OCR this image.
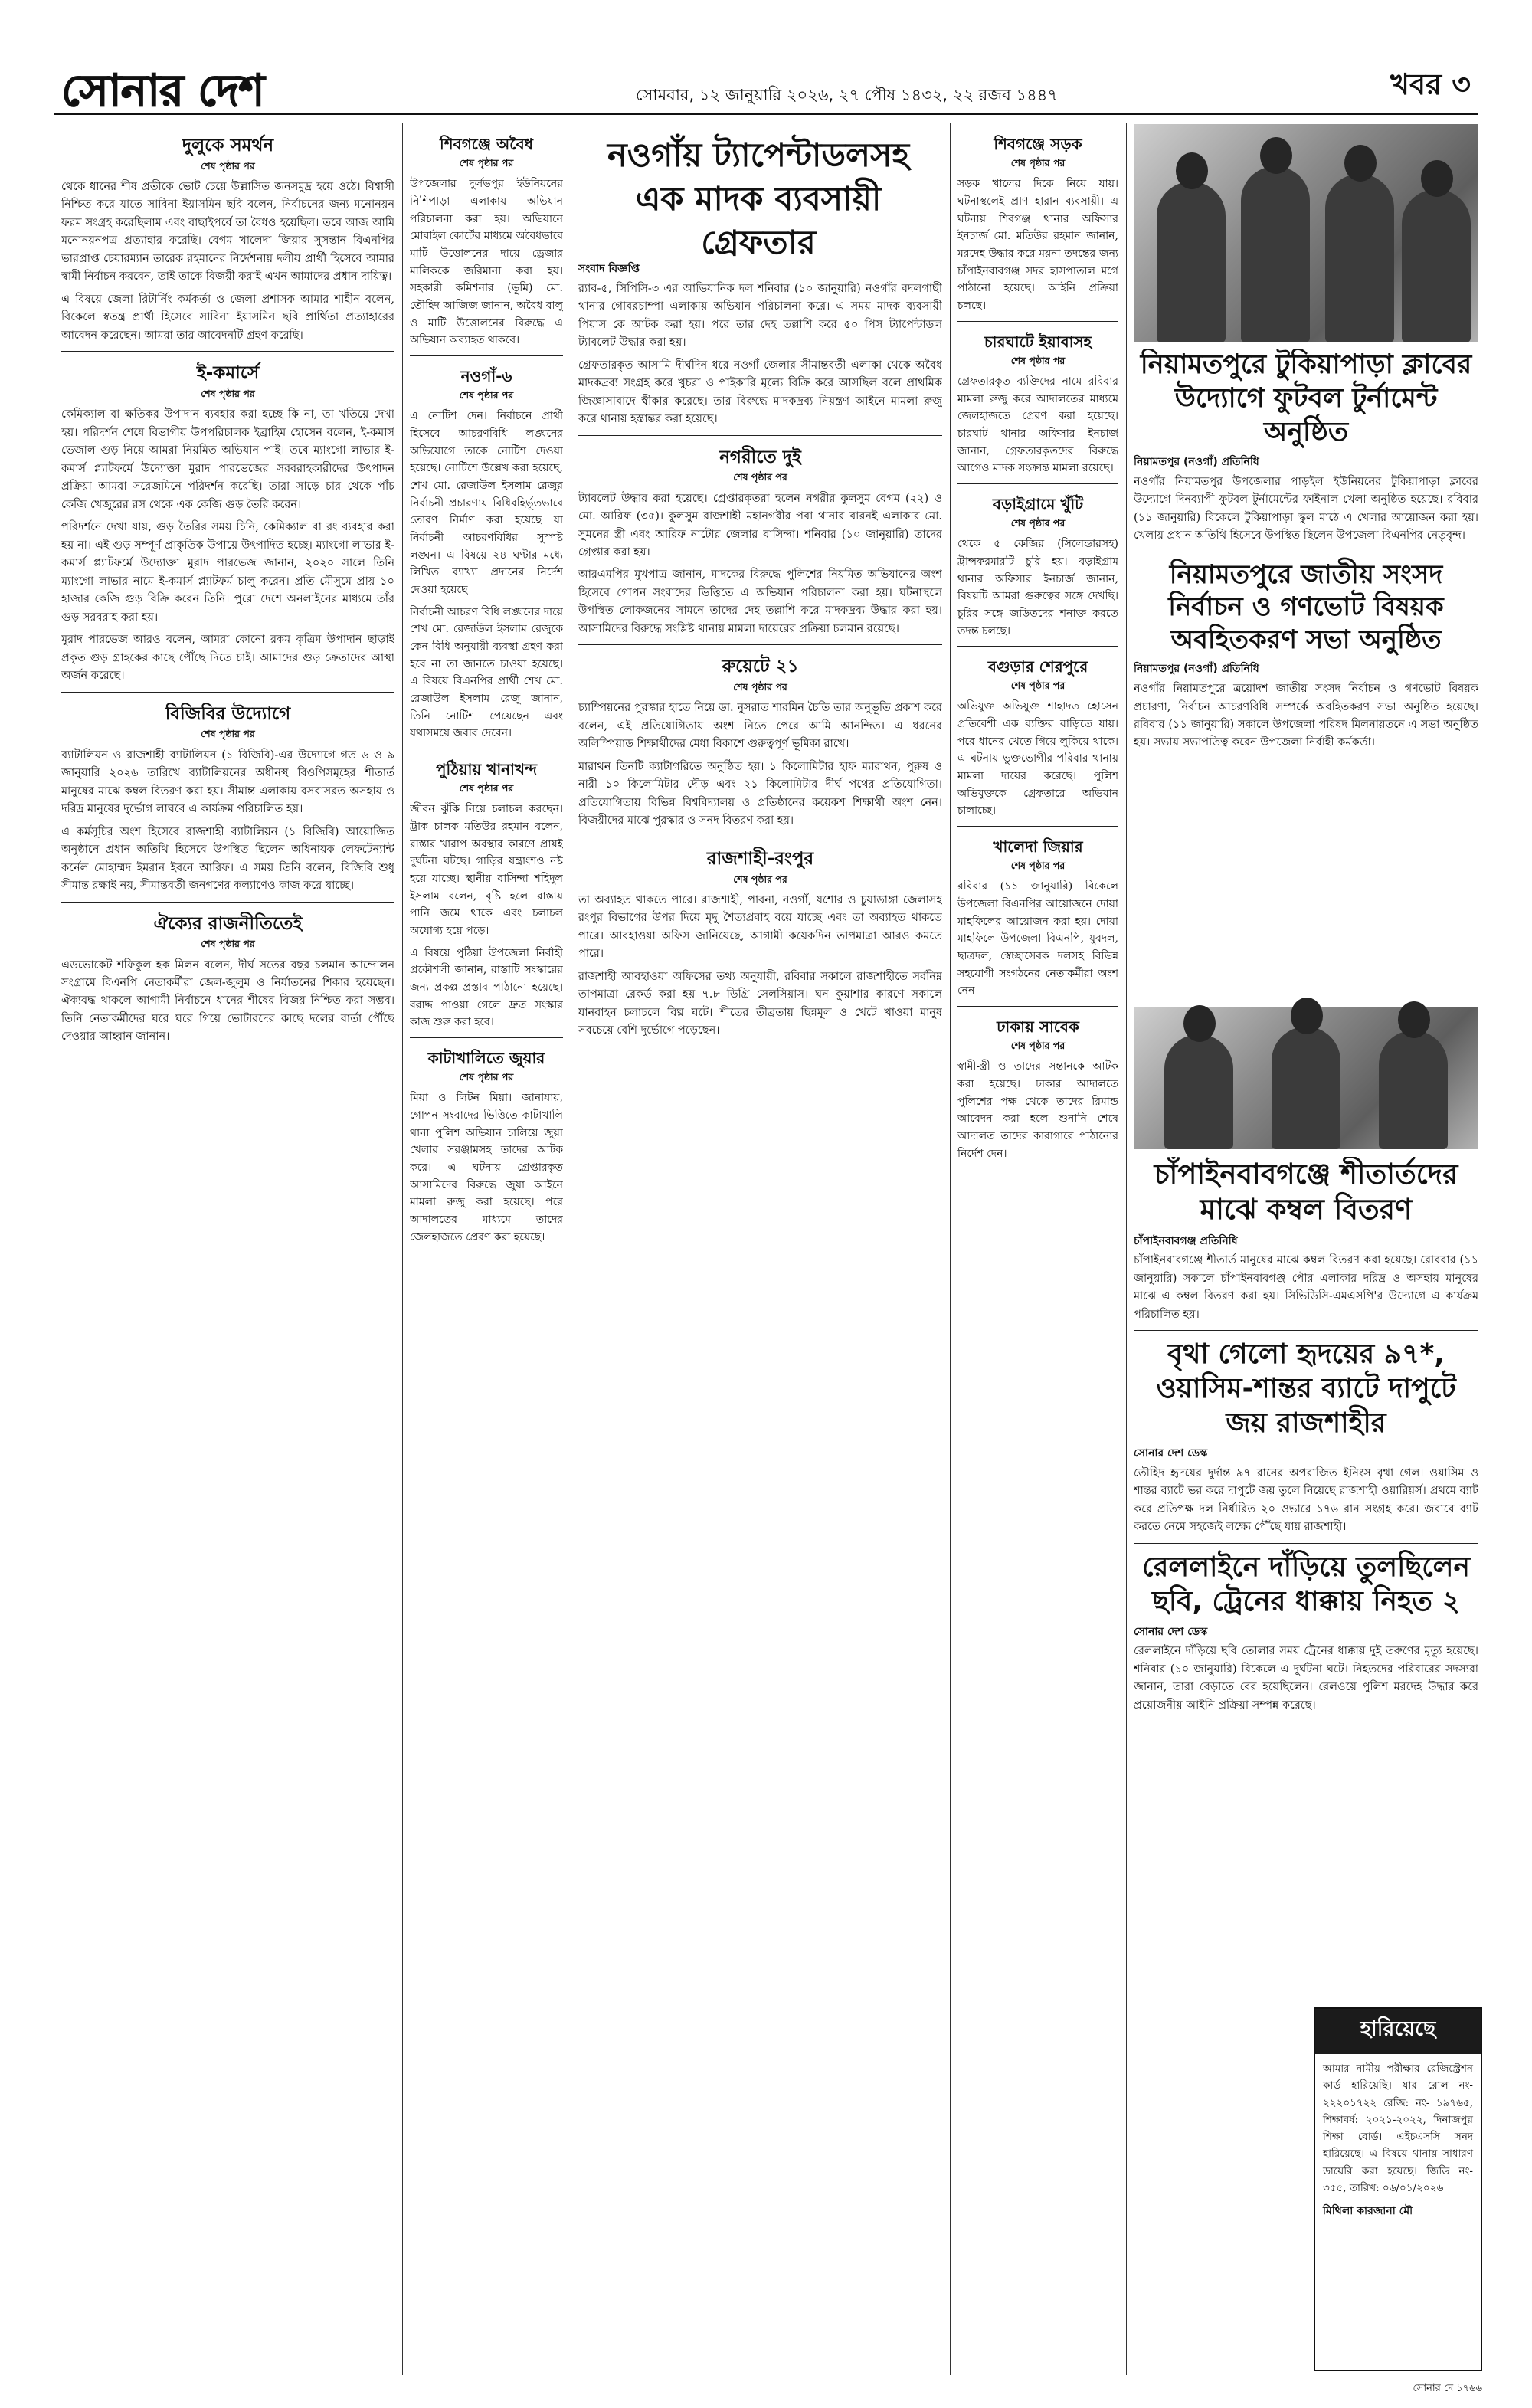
সোনার দেশ	সোমবার, ১২ জানুয়ারি ২০২৬, ২৭ পৌষ ১৪৩২, ২২ রজব ১৪৪৭	খবর ৩
দুলুকে সমর্থন
শেষ পৃষ্ঠার পর

থেকে ধানের শীষ প্রতীকে ভোট চেয়ে উল্লাসিত জনসমুদ্র হয়ে ওঠে। বিশ্বাসী নিশ্চিত করে যাতে সাবিনা ইয়াসমিন ছবি বলেন, নির্বাচনের জন্য মনোনয়ন ফরম সংগ্রহ করেছিলাম এবং বাছাইপর্বে তা বৈধও হয়েছিল। তবে আজ আমি মনোনয়নপত্র প্রত্যাহার করেছি। বেগম খালেদা জিয়ার সুসন্তান বিএনপির ভারপ্রাপ্ত চেয়ারম্যান তারেক রহমানের নির্দেশনায় দলীয় প্রার্থী হিসেবে আমার স্বামী নির্বাচন করবেন, তাই তাকে বিজয়ী করাই এখন আমাদের প্রধান দায়িত্ব।

এ বিষয়ে জেলা রিটার্নিং কর্মকর্তা ও জেলা প্রশাসক আমার শাহীন বলেন, বিকেলে স্বতন্ত্র প্রার্থী হিসেবে সাবিনা ইয়াসমিন ছবি প্রার্থিতা প্রত্যাহারের আবেদন করেছেন। আমরা তার আবেদনটি গ্রহণ করেছি।

ই-কমার্সে
শেষ পৃষ্ঠার পর

কেমিক্যাল বা ক্ষতিকর উপাদান ব্যবহার করা হচ্ছে কি না, তা খতিয়ে দেখা হয়। পরিদর্শন শেষে বিভাগীয় উপপরিচালক ইব্রাহিম হোসেন বলেন, ই-কমার্স ভেজাল গুড় নিয়ে আমরা নিয়মিত অভিযান পাই। তবে ম্যাংগো লাভার ই-কমার্স প্ল্যাটফর্মে উদ্যোক্তা মুরাদ পারভেজের সরবরাহকারীদের উৎপাদন প্রক্রিয়া আমরা সরেজমিনে পরিদর্শন করেছি। তারা সাড়ে চার থেকে পাঁচ কেজি খেজুরের রস থেকে এক কেজি গুড় তৈরি করেন।

পরিদর্শনে দেখা যায়, গুড় তৈরির সময় চিনি, কেমিক্যাল বা রং ব্যবহার করা হয় না। এই গুড় সম্পূর্ণ প্রাকৃতিক উপায়ে উৎপাদিত হচ্ছে। ম্যাংগো লাভার ই-কমার্স প্ল্যাটফর্মে উদ্যোক্তা মুরাদ পারভেজ জানান, ২০২০ সালে তিনি ম্যাংগো লাভার নামে ই-কমার্স প্ল্যাটফর্ম চালু করেন। প্রতি মৌসুমে প্রায় ১০ হাজার কেজি গুড় বিক্রি করেন তিনি। পুরো দেশে অনলাইনের মাধ্যমে তাঁর গুড় সরবরাহ করা হয়।

মুরাদ পারভেজ আরও বলেন, আমরা কোনো রকম কৃত্রিম উপাদান ছাড়াই প্রকৃত গুড় গ্রাহকের কাছে পৌঁছে দিতে চাই। আমাদের গুড় ক্রেতাদের আস্থা অর্জন করেছে।

বিজিবির উদ্যোগে
শেষ পৃষ্ঠার পর

ব্যাটালিয়ন ও রাজশাহী ব্যাটালিয়ন (১ বিজিবি)-এর উদ্যোগে গত ৬ ও ৯ জানুয়ারি ২০২৬ তারিখে ব্যাটালিয়নের অধীনস্থ বিওপিসমূহের শীতার্ত মানুষের মাঝে কম্বল বিতরণ করা হয়। সীমান্ত এলাকায় বসবাসরত অসহায় ও দরিদ্র মানুষের দুর্ভোগ লাঘবে এ কার্যক্রম পরিচালিত হয়।

এ কর্মসূচির অংশ হিসেবে রাজশাহী ব্যাটালিয়ন (১ বিজিবি) আয়োজিত অনুষ্ঠানে প্রধান অতিথি হিসেবে উপস্থিত ছিলেন অধিনায়ক লেফটেন্যান্ট কর্নেল মোহাম্মদ ইমরান ইবনে আরিফ। এ সময় তিনি বলেন, বিজিবি শুধু সীমান্ত রক্ষাই নয়, সীমান্তবর্তী জনগণের কল্যাণেও কাজ করে যাচ্ছে।

ঐক্যের রাজনীতিতেই
শেষ পৃষ্ঠার পর

এডভোকেট শফিকুল হক মিলন বলেন, দীর্ঘ সতের বছর চলমান আন্দোলন সংগ্রামে বিএনপি নেতাকর্মীরা জেল-জুলুম ও নির্যাতনের শিকার হয়েছেন। ঐক্যবদ্ধ থাকলে আগামী নির্বাচনে ধানের শীষের বিজয় নিশ্চিত করা সম্ভব। তিনি নেতাকর্মীদের ঘরে ঘরে গিয়ে ভোটারদের কাছে দলের বার্তা পৌঁছে দেওয়ার আহ্বান জানান।

শিবগঞ্জে অবৈধ
শেষ পৃষ্ঠার পর

উপজেলার দুর্লভপুর ইউনিয়নের নিশিপাড়া এলাকায় অভিযান পরিচালনা করা হয়। অভিযানে মোবাইল কোর্টের মাধ্যমে অবৈধভাবে মাটি উত্তোলনের দায়ে ড্রেজার মালিককে জরিমানা করা হয়। সহকারী কমিশনার (ভূমি) মো. তৌহিদ আজিজ জানান, অবৈধ বালু ও মাটি উত্তোলনের বিরুদ্ধে এ অভিযান অব্যাহত থাকবে।

নওগাঁ-৬
শেষ পৃষ্ঠার পর

এ নোটিশ দেন। নির্বাচনে প্রার্থী হিসেবে আচরণবিধি লঙ্ঘনের অভিযোগে তাকে নোটিশ দেওয়া হয়েছে। নোটিশে উল্লেখ করা হয়েছে, শেখ মো. রেজাউল ইসলাম রেজুর নির্বাচনী প্রচারণায় বিধিবহির্ভূতভাবে তোরণ নির্মাণ করা হয়েছে যা নির্বাচনী আচরণবিধির সুস্পষ্ট লঙ্ঘন। এ বিষয়ে ২৪ ঘণ্টার মধ্যে লিখিত ব্যাখ্যা প্রদানের নির্দেশ দেওয়া হয়েছে।

নির্বাচনী আচরণ বিধি লঙ্ঘনের দায়ে শেখ মো. রেজাউল ইসলাম রেজুকে কেন বিধি অনুযায়ী ব্যবস্থা গ্রহণ করা হবে না তা জানতে চাওয়া হয়েছে। এ বিষয়ে বিএনপির প্রার্থী শেখ মো. রেজাউল ইসলাম রেজু জানান, তিনি নোটিশ পেয়েছেন এবং যথাসময়ে জবাব দেবেন।

পুঠিয়ায় খানাখন্দ
শেষ পৃষ্ঠার পর

জীবন ঝুঁকি নিয়ে চলাচল করছেন। ট্রাক চালক মতিউর রহমান বলেন, রাস্তার খারাপ অবস্থার কারণে প্রায়ই দুর্ঘটনা ঘটছে। গাড়ির যন্ত্রাংশও নষ্ট হয়ে যাচ্ছে। স্থানীয় বাসিন্দা শহিদুল ইসলাম বলেন, বৃষ্টি হলে রাস্তায় পানি জমে থাকে এবং চলাচল অযোগ্য হয়ে পড়ে।

এ বিষয়ে পুঠিয়া উপজেলা নির্বাহী প্রকৌশলী জানান, রাস্তাটি সংস্কারের জন্য প্রকল্প প্রস্তাব পাঠানো হয়েছে। বরাদ্দ পাওয়া গেলে দ্রুত সংস্কার কাজ শুরু করা হবে।

কাটাখালিতে জুয়ার
শেষ পৃষ্ঠার পর

মিয়া ও লিটন মিয়া। জানাযায়, গোপন সংবাদের ভিত্তিতে কাটাখালি থানা পুলিশ অভিযান চালিয়ে জুয়া খেলার সরঞ্জামসহ তাদের আটক করে। এ ঘটনায় গ্রেপ্তারকৃত আসামিদের বিরুদ্ধে জুয়া আইনে মামলা রুজু করা হয়েছে। পরে আদালতের মাধ্যমে তাদের জেলহাজতে প্রেরণ করা হয়েছে।

নওগাঁয় ট্যাপেন্টাডলসহ এক মাদক ব্যবসায়ী গ্রেফতার
সংবাদ বিজ্ঞপ্তি

র‍্যাব-৫, সিপিসি-৩ এর আভিযানিক দল শনিবার (১০ জানুয়ারি) নওগাঁর বদলগাছী থানার গোবরচাম্পা এলাকায় অভিযান পরিচালনা করে। এ সময় মাদক ব্যবসায়ী পিয়াস কে আটক করা হয়। পরে তার দেহ তল্লাশি করে ৫০ পিস ট্যাপেন্টাডল ট্যাবলেট উদ্ধার করা হয়।

গ্রেফতারকৃত আসামি দীর্ঘদিন ধরে নওগাঁ জেলার সীমান্তবর্তী এলাকা থেকে অবৈধ মাদকদ্রব্য সংগ্রহ করে খুচরা ও পাইকারি মূল্যে বিক্রি করে আসছিল বলে প্রাথমিক জিজ্ঞাসাবাদে স্বীকার করেছে। তার বিরুদ্ধে মাদকদ্রব্য নিয়ন্ত্রণ আইনে মামলা রুজু করে থানায় হস্তান্তর করা হয়েছে।

নগরীতে দুই
শেষ পৃষ্ঠার পর

ট্যাবলেট উদ্ধার করা হয়েছে। গ্রেপ্তারকৃতরা হলেন নগরীর কুলসুম বেগম (২২) ও মো. আরিফ (৩৫)। কুলসুম রাজশাহী মহানগরীর পবা থানার বারনই এলাকার মো. সুমনের স্ত্রী এবং আরিফ নাটোর জেলার বাসিন্দা। শনিবার (১০ জানুয়ারি) তাদের গ্রেপ্তার করা হয়।

আরএমপির মুখপাত্র জানান, মাদকের বিরুদ্ধে পুলিশের নিয়মিত অভিযানের অংশ হিসেবে গোপন সংবাদের ভিত্তিতে এ অভিযান পরিচালনা করা হয়। ঘটনাস্থলে উপস্থিত লোকজনের সামনে তাদের দেহ তল্লাশি করে মাদকদ্রব্য উদ্ধার করা হয়। আসামিদের বিরুদ্ধে সংশ্লিষ্ট থানায় মামলা দায়েরের প্রক্রিয়া চলমান রয়েছে।

রুয়েটে ২১
শেষ পৃষ্ঠার পর

চ্যাম্পিয়নের পুরস্কার হাতে নিয়ে ডা. নুসরাত শারমিন চৈতি তার অনুভূতি প্রকাশ করে বলেন, এই প্রতিযোগিতায় অংশ নিতে পেরে আমি আনন্দিত। এ ধরনের অলিম্পিয়াড শিক্ষার্থীদের মেধা বিকাশে গুরুত্বপূর্ণ ভূমিকা রাখে।

মারাথন তিনটি ক্যাটাগরিতে অনুষ্ঠিত হয়। ১ কিলোমিটার হাফ ম্যারাথন, পুরুষ ও নারী ১০ কিলোমিটার দৌড় এবং ২১ কিলোমিটার দীর্ঘ পথের প্রতিযোগিতা। প্রতিযোগিতায় বিভিন্ন বিশ্ববিদ্যালয় ও প্রতিষ্ঠানের কয়েকশ শিক্ষার্থী অংশ নেন। বিজয়ীদের মাঝে পুরস্কার ও সনদ বিতরণ করা হয়।

রাজশাহী-রংপুর
শেষ পৃষ্ঠার পর

তা অব্যাহত থাকতে পারে। রাজশাহী, পাবনা, নওগাঁ, যশোর ও চুয়াডাঙ্গা জেলাসহ রংপুর বিভাগের উপর দিয়ে মৃদু শৈত্যপ্রবাহ বয়ে যাচ্ছে এবং তা অব্যাহত থাকতে পারে। আবহাওয়া অফিস জানিয়েছে, আগামী কয়েকদিন তাপমাত্রা আরও কমতে পারে।

রাজশাহী আবহাওয়া অফিসের তথ্য অনুযায়ী, রবিবার সকালে রাজশাহীতে সর্বনিম্ন তাপমাত্রা রেকর্ড করা হয় ৭.৮ ডিগ্রি সেলসিয়াস। ঘন কুয়াশার কারণে সকালে যানবাহন চলাচলে বিঘ্ন ঘটে। শীতের তীব্রতায় ছিন্নমূল ও খেটে খাওয়া মানুষ সবচেয়ে বেশি দুর্ভোগে পড়েছেন।

শিবগঞ্জে সড়ক
শেষ পৃষ্ঠার পর

সড়ক খালের দিকে নিয়ে যায়। ঘটনাস্থলেই প্রাণ হারান ব্যবসায়ী। এ ঘটনায় শিবগঞ্জ থানার অফিসার ইনচার্জ মো. মতিউর রহমান জানান, মরদেহ উদ্ধার করে ময়না তদন্তের জন্য চাঁপাইনবাবগঞ্জ সদর হাসপাতাল মর্গে পাঠানো হয়েছে। আইনি প্রক্রিয়া চলছে।

চারঘাটে ইয়াবাসহ
শেষ পৃষ্ঠার পর

গ্রেফতারকৃত ব্যক্তিদের নামে রবিবার মামলা রুজু করে আদালতের মাধ্যমে জেলহাজতে প্রেরণ করা হয়েছে। চারঘাট থানার অফিসার ইনচার্জ জানান, গ্রেফতারকৃতদের বিরুদ্ধে আগেও মাদক সংক্রান্ত মামলা রয়েছে।

বড়াইগ্রামে খুঁটি
শেষ পৃষ্ঠার পর

থেকে ৫ কেজির (সিলেন্ডারসহ) ট্রান্সফরমারটি চুরি হয়। বড়াইগ্রাম থানার অফিসার ইনচার্জ জানান, বিষয়টি আমরা গুরুত্বের সঙ্গে দেখছি। চুরির সঙ্গে জড়িতদের শনাক্ত করতে তদন্ত চলছে।

বগুড়ার শেরপুরে
শেষ পৃষ্ঠার পর

অভিযুক্ত অভিযুক্ত শাহাদত হোসেন প্রতিবেশী এক ব্যক্তির বাড়িতে যায়। পরে ধানের খেতে গিয়ে লুকিয়ে থাকে। এ ঘটনায় ভুক্তভোগীর পরিবার থানায় মামলা দায়ের করেছে। পুলিশ অভিযুক্তকে গ্রেফতারে অভিযান চালাচ্ছে।

খালেদা জিয়ার
শেষ পৃষ্ঠার পর

রবিবার (১১ জানুয়ারি) বিকেলে উপজেলা বিএনপির আয়োজনে দোয়া মাহফিলের আয়োজন করা হয়। দোয়া মাহফিলে উপজেলা বিএনপি, যুবদল, ছাত্রদল, স্বেচ্ছাসেবক দলসহ বিভিন্ন সহযোগী সংগঠনের নেতাকর্মীরা অংশ নেন।

ঢাকায় সাবেক
শেষ পৃষ্ঠার পর

স্বামী-স্ত্রী ও তাদের সন্তানকে আটক করা হয়েছে। ঢাকার আদালতে পুলিশের পক্ষ থেকে তাদের রিমান্ড আবেদন করা হলে শুনানি শেষে আদালত তাদের কারাগারে পাঠানোর নির্দেশ দেন।

নিয়ামতপুরে টুকিয়াপাড়া ক্লাবের উদ্যোগে ফুটবল টুর্নামেন্ট অনুষ্ঠিত
নিয়ামতপুর (নওগাঁ) প্রতিনিধি

নওগাঁর নিয়ামতপুর উপজেলার পাড়ইল ইউনিয়নের টুকিয়াপাড়া ক্লাবের উদ্যোগে দিনব্যাপী ফুটবল টুর্নামেন্টের ফাইনাল খেলা অনুষ্ঠিত হয়েছে। রবিবার (১১ জানুয়ারি) বিকেলে টুকিয়াপাড়া স্কুল মাঠে এ খেলার আয়োজন করা হয়। খেলায় প্রধান অতিথি হিসেবে উপস্থিত ছিলেন উপজেলা বিএনপির নেতৃবৃন্দ।

নিয়ামতপুরে জাতীয় সংসদ নির্বাচন ও গণভোট বিষয়ক অবহিতকরণ সভা অনুষ্ঠিত
নিয়ামতপুর (নওগাঁ) প্রতিনিধি

নওগাঁর নিয়ামতপুরে ত্রয়োদশ জাতীয় সংসদ নির্বাচন ও গণভোট বিষয়ক প্রচারণা, নির্বাচন আচরণবিধি সম্পর্কে অবহিতকরণ সভা অনুষ্ঠিত হয়েছে। রবিবার (১১ জানুয়ারি) সকালে উপজেলা পরিষদ মিলনায়তনে এ সভা অনুষ্ঠিত হয়। সভায় সভাপতিত্ব করেন উপজেলা নির্বাহী কর্মকর্তা।

চাঁপাইনবাবগঞ্জে শীতার্তদের মাঝে কম্বল বিতরণ
চাঁপাইনবাবগঞ্জ প্রতিনিধি

চাঁপাইনবাবগঞ্জে শীতার্ত মানুষের মাঝে কম্বল বিতরণ করা হয়েছে। রোববার (১১ জানুয়ারি) সকালে চাঁপাইনবাবগঞ্জ পৌর এলাকার দরিদ্র ও অসহায় মানুষের মাঝে এ কম্বল বিতরণ করা হয়। সিভিডিসি-এমএসপি'র উদ্যোগে এ কার্যক্রম পরিচালিত হয়।

বৃথা গেলো হৃদয়ের ৯৭*, ওয়াসিম-শান্তর ব্যাটে দাপুটে জয় রাজশাহীর
সোনার দেশ ডেস্ক

তৌহিদ হৃদয়ের দুর্দান্ত ৯৭ রানের অপরাজিত ইনিংস বৃথা গেল। ওয়াসিম ও শান্তর ব্যাটে ভর করে দাপুটে জয় তুলে নিয়েছে রাজশাহী ওয়ারিয়র্স। প্রথমে ব্যাট করে প্রতিপক্ষ দল নির্ধারিত ২০ ওভারে ১৭৬ রান সংগ্রহ করে। জবাবে ব্যাট করতে নেমে সহজেই লক্ষ্যে পৌঁছে যায় রাজশাহী।

রেললাইনে দাঁড়িয়ে তুলছিলেন ছবি, ট্রেনের ধাক্কায় নিহত ২
সোনার দেশ ডেস্ক

রেললাইনে দাঁড়িয়ে ছবি তোলার সময় ট্রেনের ধাক্কায় দুই তরুণের মৃত্যু হয়েছে। শনিবার (১০ জানুয়ারি) বিকেলে এ দুর্ঘটনা ঘটে। নিহতদের পরিবারের সদস্যরা জানান, তারা বেড়াতে বের হয়েছিলেন। রেলওয়ে পুলিশ মরদেহ উদ্ধার করে প্রয়োজনীয় আইনি প্রক্রিয়া সম্পন্ন করেছে।

হারিয়েছে

আমার নামীয় পরীক্ষার রেজিস্ট্রেশন কার্ড হারিয়েছি। যার রোল নং- ২২২০১৭২২ রেজি: নং- ১৯৭৬৫, শিক্ষাবর্ষ: ২০২১-২০২২, দিনাজপুর শিক্ষা বোর্ড। এইচএসসি সনদ হারিয়েছে। এ বিষয়ে থানায় সাধারণ ডায়েরি করা হয়েছে। জিডি নং- ৩৫৫, তারিখ: ০৬/০১/২০২৬

মিথিলা কারজানা মৌ
সোনার দে ১৭৬৬
